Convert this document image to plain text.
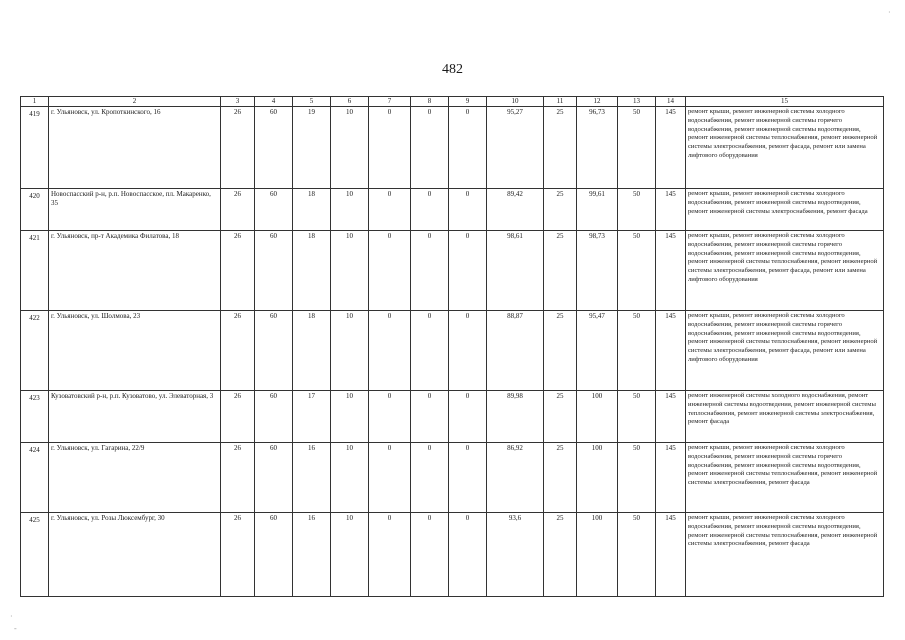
482
1	2	3	4	5	6	7	8	9	10	11	12	13	14	15
419	г. Ульяновск, ул. Кропоткинского, 16	26	60	19	10	0	0	0	95,27	25	96,73	50	145	ремонт крыши, ремонт инженерной системы холодного водоснабжения, ремонт инженерной системы горячего водоснабжения, ремонт инженерной системы водоотведения, ремонт инженерной системы теплоснабжения, ремонт инженерной системы электроснабжения, ремонт фасада, ремонт или замена лифтового оборудования
420	Новоспасский р-н, р.п. Новоспасское, пл. Макаренко, 35	26	60	18	10	0	0	0	89,42	25	99,61	50	145	ремонт крыши, ремонт инженерной системы холодного водоснабжения, ремонт инженерной системы водоотведения, ремонт инженерной системы электроснабжения, ремонт фасада
421	г. Ульяновск, пр-т Академика Филатова, 18	26	60	18	10	0	0	0	98,61	25	98,73	50	145	ремонт крыши, ремонт инженерной системы холодного водоснабжения, ремонт инженерной системы горячего водоснабжения, ремонт инженерной системы водоотведения, ремонт инженерной системы теплоснабжения, ремонт инженерной системы электроснабжения, ремонт фасада, ремонт или замена лифтового оборудования
422	г. Ульяновск, ул. Шолмова, 23	26	60	18	10	0	0	0	88,87	25	95,47	50	145	ремонт крыши, ремонт инженерной системы холодного водоснабжения, ремонт инженерной системы горячего водоснабжения, ремонт инженерной системы водоотведения, ремонт инженерной системы теплоснабжения, ремонт инженерной системы электроснабжения, ремонт фасада, ремонт или замена лифтового оборудования
423	Кузоватовский р-н, р.п. Кузоватово, ул. Элеваторная, 3	26	60	17	10	0	0	0	89,98	25	100	50	145	ремонт инженерной системы холодного водоснабжения, ремонт инженерной системы водоотведения, ремонт инженерной системы теплоснабжения, ремонт инженерной системы электроснабжения, ремонт фасада
424	г. Ульяновск, ул. Гагарина, 22/9	26	60	16	10	0	0	0	86,92	25	100	50	145	ремонт крыши, ремонт инженерной системы холодного водоснабжения, ремонт инженерной системы горячего водоснабжения, ремонт инженерной системы водоотведения, ремонт инженерной системы теплоснабжения, ремонт инженерной системы электроснабжения, ремонт фасада
425	г. Ульяновск, ул. Розы Люксембург, 30	26	60	16	10	0	0	0	93,6	25	100	50	145	ремонт крыши, ремонт инженерной системы холодного водоснабжения, ремонт инженерной системы водоотведения, ремонт инженерной системы теплоснабжения, ремонт инженерной системы электроснабжения, ремонт фасада
·
·
-
